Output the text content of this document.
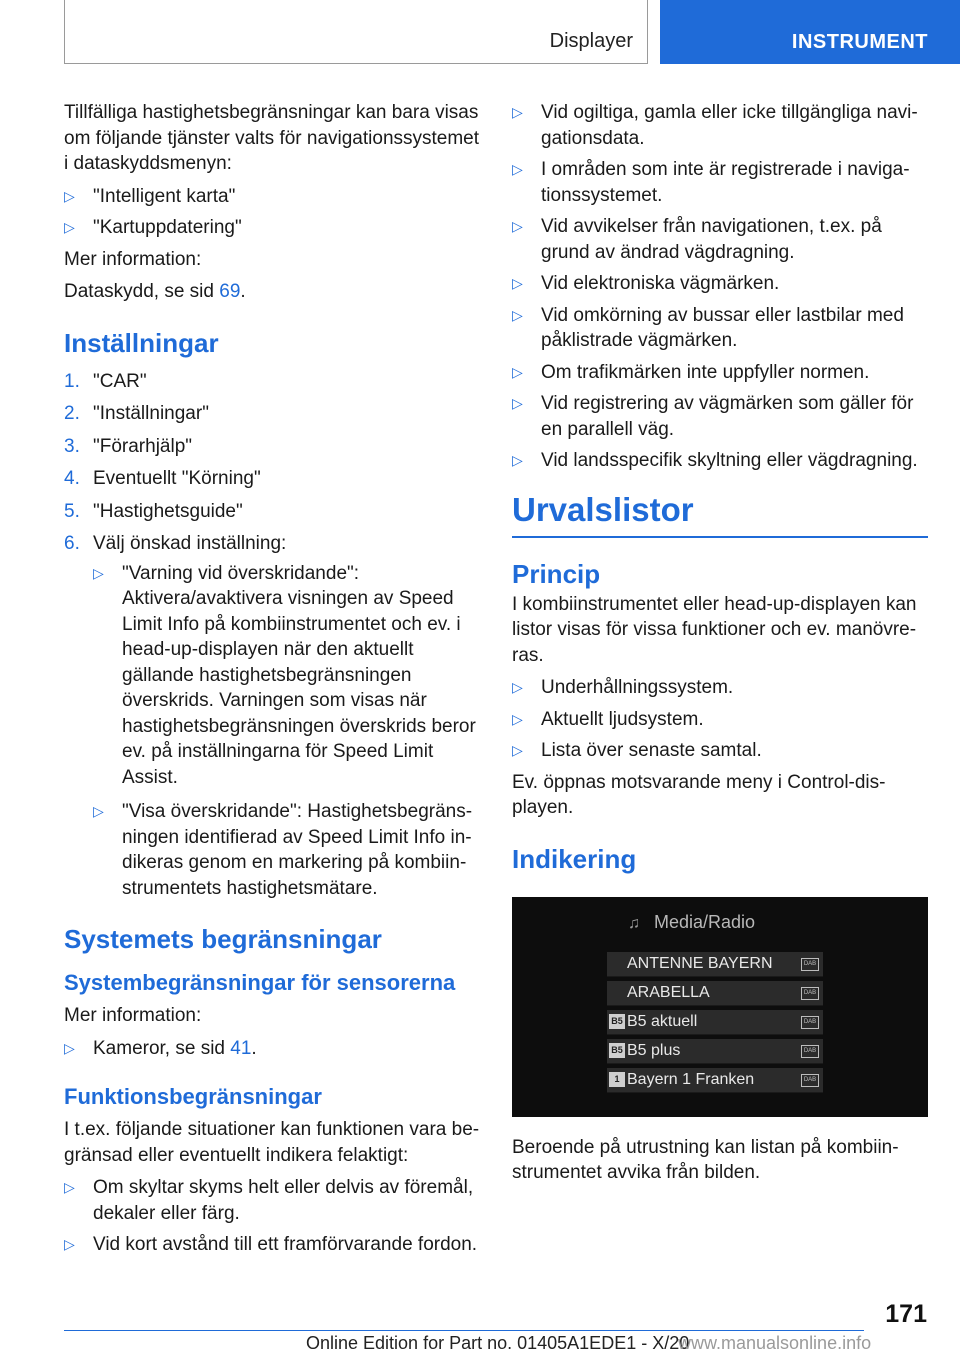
Displayer	INSTRUMENT

Tillfälliga hastighetsbegränsningar kan bara visas om följande tjänster valts för navigationssystemet i dataskyddsmenyn:

▷ "Intelligent karta"
▷ "Kartuppdatering"

Mer information:

Dataskydd, se sid 69.

Inställningar
1. "CAR"
2. "Inställningar"
3. "Förarhjälp"
4. Eventuellt "Körning"
5. "Hastighetsguide"
6. Välj önskad inställning:
▷ "Varning vid överskridande": Aktivera/avaktivera visningen av Speed Limit Info på kombiinstrumentet och ev. i head-up-displayen när den aktuellt gällande hastighetsbegränsningen överskrids. Varningen som visas när hastighetsbegränsningen överskrids beror ev. på inställningarna för Speed Limit Assist.
▷ "Visa överskridande": Hastighetsbegränsningen identifierad av Speed Limit Info indikeras genom en markering på kombiinstrumentets hastighetsmätare.
Systemets begränsningar
Systembegränsningar för sensorerna

Mer information:

▷ Kameror, se sid 41.
Funktionsbegränsningar

I t.ex. följande situationer kan funktionen vara begränsad eller eventuellt indikera felaktigt:

▷ Om skyltar skyms helt eller delvis av föremål, dekaler eller färg.
▷ Vid kort avstånd till ett framförvarande fordon.
▷ Vid ogiltiga, gamla eller icke tillgängliga navigationsdata.
▷ I områden som inte är registrerade i navigationssystemet.
▷ Vid avvikelser från navigationen, t.ex. på grund av ändrad vägdragning.
▷ Vid elektroniska vägmärken.
▷ Vid omkörning av bussar eller lastbilar med påklistrade vägmärken.
▷ Om trafikmärken inte uppfyller normen.
▷ Vid registrering av vägmärken som gäller för en parallell väg.
▷ Vid landsspecifik skyltning eller vägdragning.
Urvalslistor
Princip

I kombiinstrumentet eller head-up-displayen kan listor visas för vissa funktioner och ev. manövreras.

▷ Underhållningssystem.
▷ Aktuellt ljudsystem.
▷ Lista över senaste samtal.

Ev. öppnas motsvarande meny i Control-displayen.

Indikering
♫ Media/Radio
ANTENNE BAYERN	DAB
ARABELLA	DAB
B5 B5 aktuell	DAB
B5 B5 plus	DAB
1 Bayern 1 Franken	DAB

Beroende på utrustning kan listan på kombiinstrumentet avvika från bilden.

171
Online Edition for Part no. 01405A1EDE1 - X/20
www.manualsonline.info
